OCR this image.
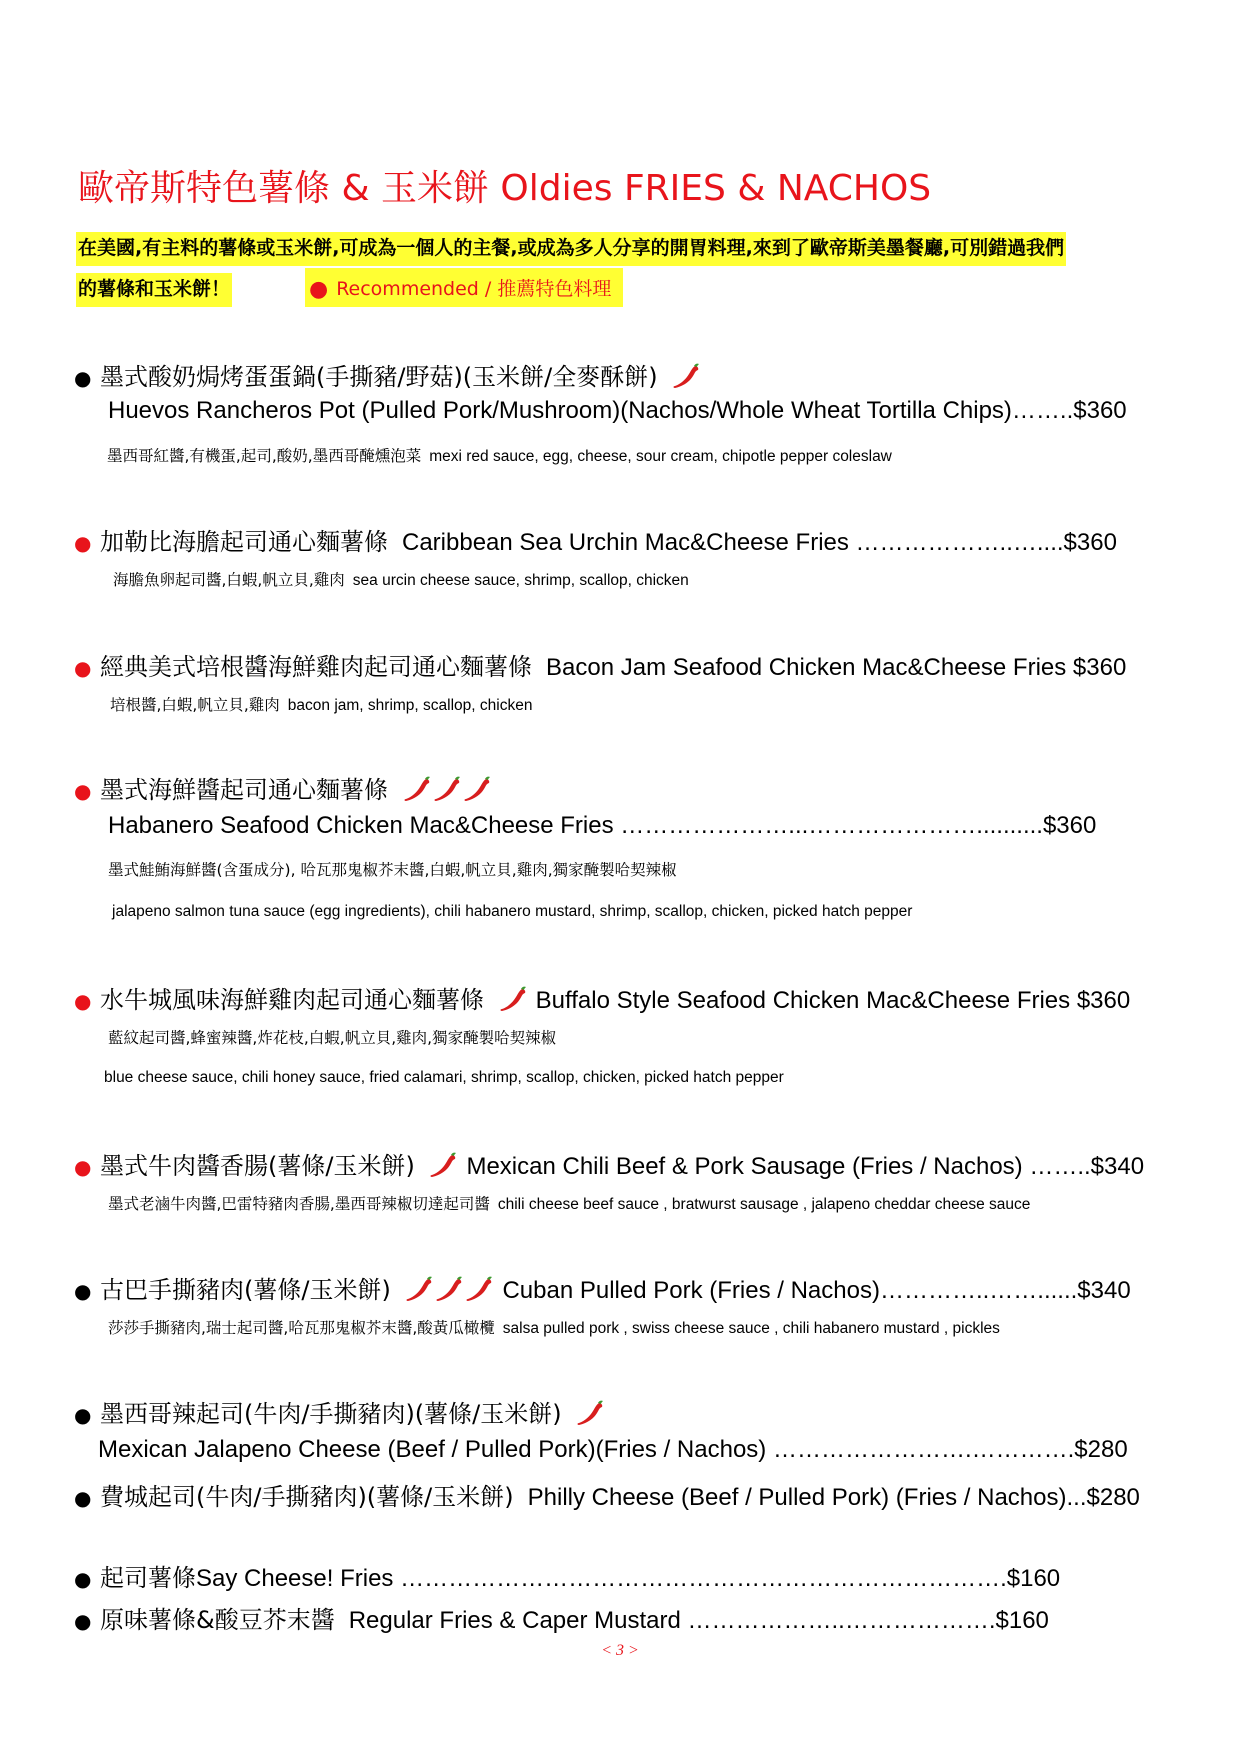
歐帝斯特色薯條 & 玉米餅 Oldies FRIES & NACHOS
在美國,有主料的薯條或玉米餅,可成為一個人的主餐,或成為多人分享的開胃料理,來到了歐帝斯美墨餐廳,可別錯過我們
的薯條和玉米餅！	● Recommended / 推薦特色料理
● 墨式酸奶焗烤蛋蛋鍋(手撕豬/野菇)(玉米餅/全麥酥餅)
Huevos Rancheros Pot (Pulled Pork/Mushroom)(Nachos/Whole Wheat Tortilla Chips)……..$360
墨西哥紅醬,有機蛋,起司,酸奶,墨西哥醃燻泡菜 mexi red sauce, egg, cheese, sour cream, chipotle pepper coleslaw
● 加勒比海膽起司通心麵薯條 Caribbean Sea Urchin Mac&Cheese Fries ………………..…....$360
海膽魚卵起司醬,白蝦,帆立貝,雞肉 sea urcin cheese sauce, shrimp, scallop, chicken
● 經典美式培根醬海鮮雞肉起司通心麵薯條 Bacon Jam Seafood Chicken Mac&Cheese Fries $360
培根醬,白蝦,帆立貝,雞肉 bacon jam, shrimp, scallop, chicken
● 墨式海鮮醬起司通心麵薯條
Habanero Seafood Chicken Mac&Cheese Fries …………………...…………………..........$360
墨式鮭鮪海鮮醬(含蛋成分), 哈瓦那鬼椒芥末醬,白蝦,帆立貝,雞肉,獨家醃製哈契辣椒
jalapeno salmon tuna sauce (egg ingredients), chili habanero mustard, shrimp, scallop, chicken, picked hatch pepper
● 水牛城風味海鮮雞肉起司通心麵薯條 Buffalo Style Seafood Chicken Mac&Cheese Fries $360
藍紋起司醬,蜂蜜辣醬,炸花枝,白蝦,帆立貝,雞肉,獨家醃製哈契辣椒
blue cheese sauce, chili honey sauce, fried calamari, shrimp, scallop, chicken, picked hatch pepper
● 墨式牛肉醬香腸(薯條/玉米餅) Mexican Chili Beef & Pork Sausage (Fries / Nachos) ……..$340
墨式老滷牛肉醬,巴雷特豬肉香腸,墨西哥辣椒切達起司醬 chili cheese beef sauce , bratwurst sausage , jalapeno cheddar cheese sauce
● 古巴手撕豬肉(薯條/玉米餅)	Cuban Pulled Pork (Fries / Nachos)…………..……......$340
莎莎手撕豬肉,瑞士起司醬,哈瓦那鬼椒芥末醬,酸黃瓜橄欖 salsa pulled pork , swiss cheese sauce , chili habanero mustard , pickles
● 墨西哥辣起司(牛肉/手撕豬肉)(薯條/玉米餅)
Mexican Jalapeno Cheese (Beef / Pulled Pork)(Fries / Nachos) …………………….………….$280
● 費城起司(牛肉/手撕豬肉)(薯條/玉米餅) Philly Cheese (Beef / Pulled Pork) (Fries / Nachos)...$280
● 起司薯條Say Cheese! Fries ………………………………………………………………….$160
● 原味薯條&酸豆芥末醬 Regular Fries & Caper Mustard ………………..……………….$160
< 3 >
